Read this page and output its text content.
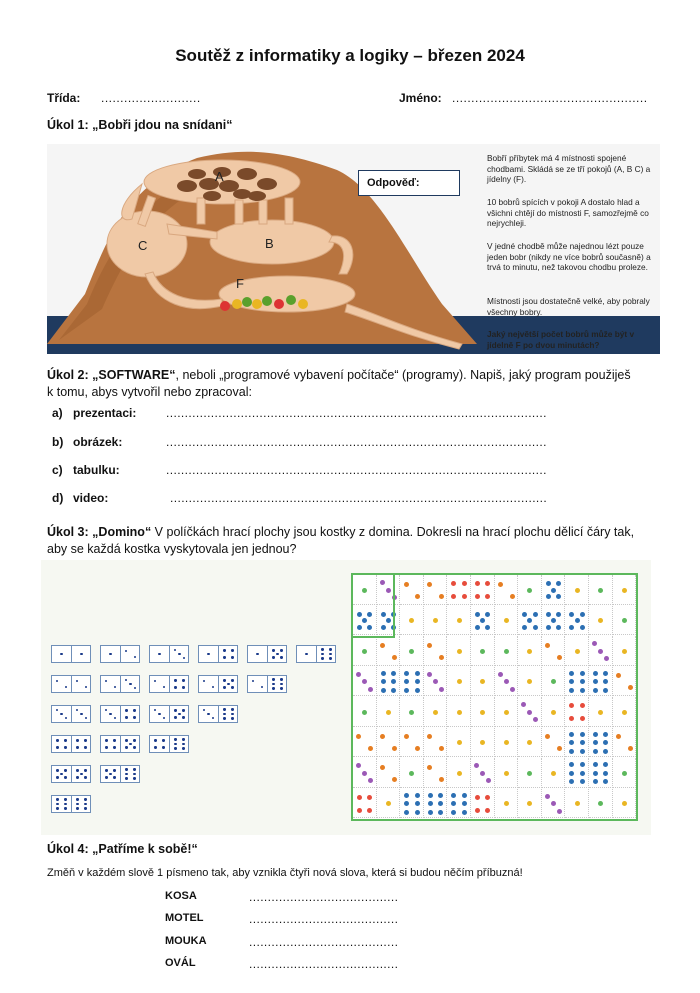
Soutěž z informatiky a logiky – březen 2024
Třída: ..........................	Jméno: ...................................................
Úkol 1: „Bobři jdou na snídani“
A
B
C
F
Odpověď:
Bobří příbytek má 4 místnosti spojené chodbami. Skládá se ze tří pokojů (A, B C) a jídelny (F).
10 bobrů spících v pokoji A dostalo hlad a všichni chtějí do místnosti F, samozřejmě co nejrychleji.
V jedné chodbě může najednou lézt pouze jeden bobr (nikdy ne více bobrů současně) a trvá to minutu, než takovou chodbu proleze.
Místnosti jsou dostatečně velké, aby pobraly všechny bobry.
Jaký největší počet bobrů může být v jídelně F po dvou minutách?
Úkol 2: „SOFTWARE“, neboli „programové vybavení počítače“ (programy). Napiš, jaký program použiješ
k tomu, abys vytvořil nebo zpracoval:
a) prezentaci: ......................................................................................................
b) obrázek:	......................................................................................................
c) tabulku:	......................................................................................................
d) video:	.....................................................................................................
Úkol 3: „Domino“ V políčkách hrací plochy jsou kostky z domina. Dokresli na hrací plochu dělicí čáry tak,
aby se každá kostka vyskytovala jen jednou?
Úkol 4: „Patříme k sobě!“
Změň v každém slově 1 písmeno tak, aby vznikla čtyři nová slova, která si budou něčím příbuzná!
KOSA	........................................
MOTEL	........................................
MOUKA	........................................
OVÁL	........................................
